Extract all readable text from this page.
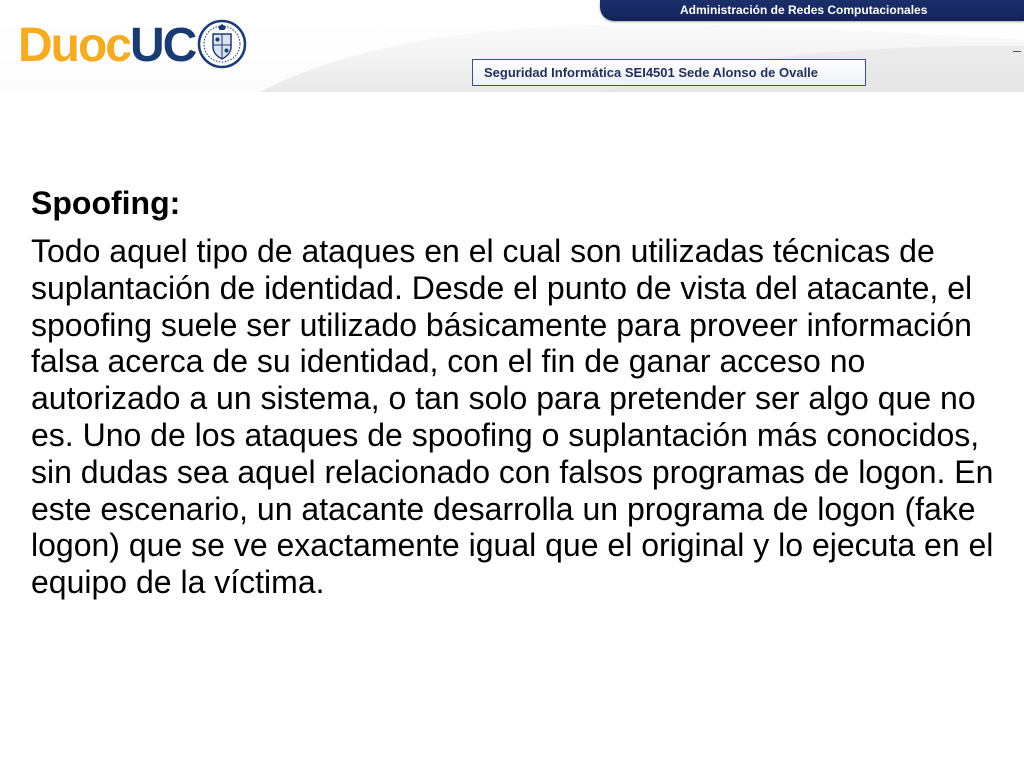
Administración de Redes Computacionales
Duoc UC
Seguridad Informática SEI4501 Sede Alonso de Ovalle
Spoofing:

Todo aquel tipo de ataques en el cual son utilizadas técnicas de suplantación de identidad. Desde el punto de vista del atacante, el spoofing suele ser utilizado básicamente para proveer información falsa acerca de su identidad, con el fin de ganar acceso no autorizado a un sistema, o tan solo para pretender ser algo que no es. Uno de los ataques de spoofing o suplantación más conocidos, sin dudas sea aquel relacionado con falsos programas de logon. En este escenario, un atacante desarrolla un programa de logon (fake logon) que se ve exactamente igual que el original y lo ejecuta en el equipo de la víctima.
